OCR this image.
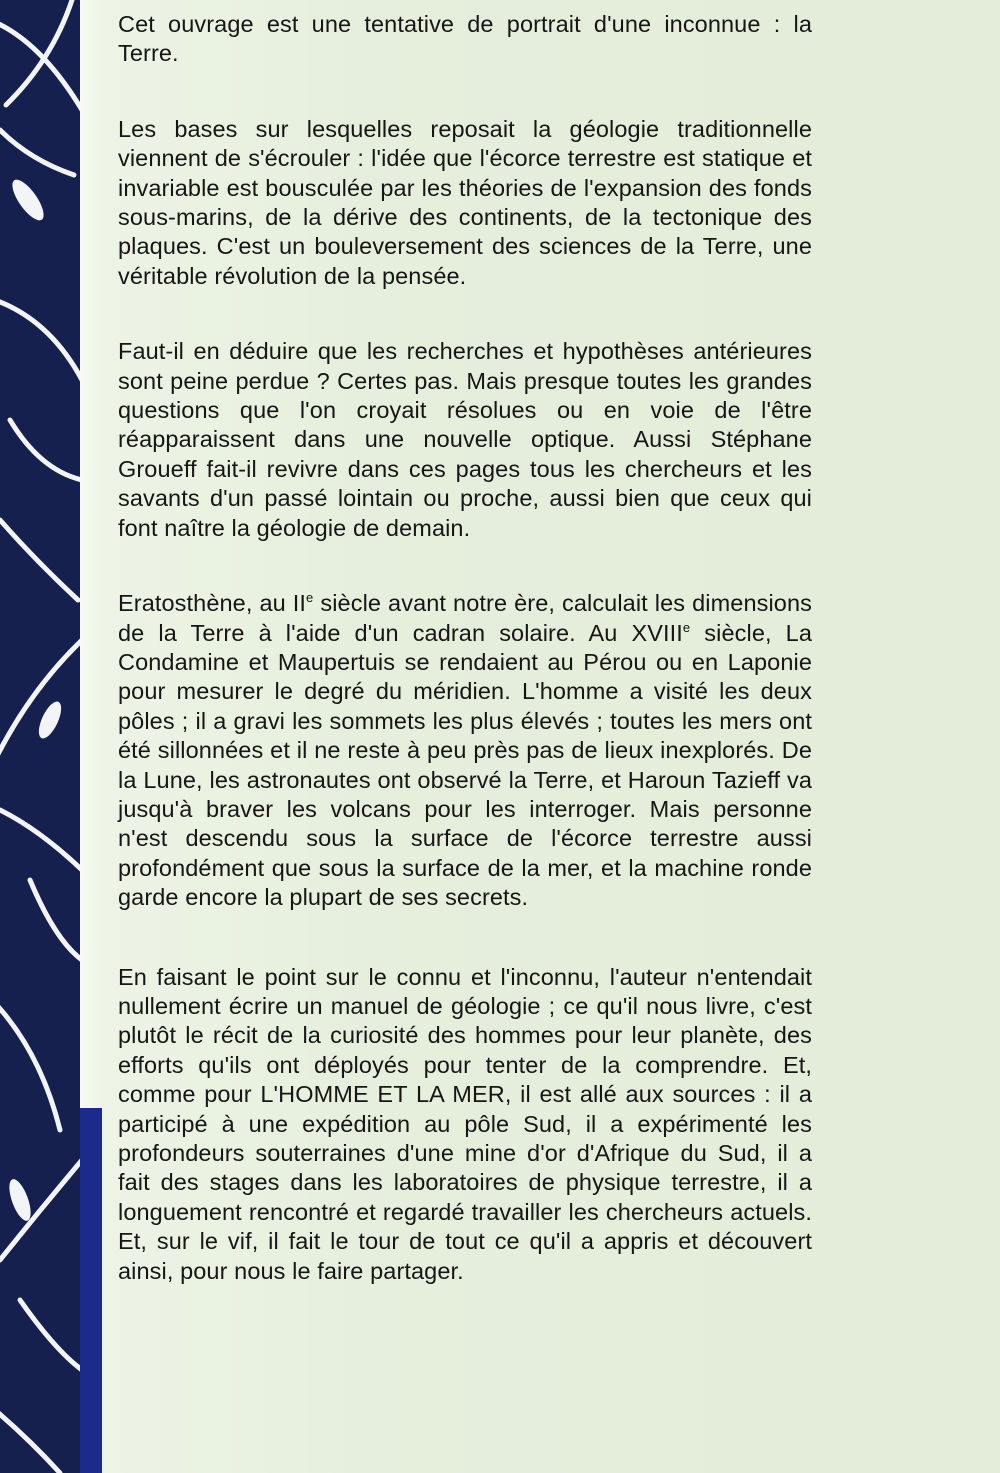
Cet ouvrage est une tentative de portrait d'une inconnue : la Terre.

Les bases sur lesquelles reposait la géologie traditionnelle viennent de s'écrouler : l'idée que l'écorce terrestre est statique et invariable est bousculée par les théories de l'expansion des fonds sous-marins, de la dérive des continents, de la tectonique des plaques. C'est un bouleversement des sciences de la Terre, une véritable révolution de la pensée.

Faut-il en déduire que les recherches et hypothèses antérieures sont peine perdue ? Certes pas. Mais presque toutes les grandes questions que l'on croyait résolues ou en voie de l'être réapparaissent dans une nouvelle optique. Aussi Stéphane Groueff fait-il revivre dans ces pages tous les chercheurs et les savants d'un passé lointain ou proche, aussi bien que ceux qui font naître la géologie de demain.

Eratosthène, au IIe siècle avant notre ère, calculait les dimensions de la Terre à l'aide d'un cadran solaire. Au XVIIIe siècle, La Condamine et Maupertuis se rendaient au Pérou ou en Laponie pour mesurer le degré du méridien. L'homme a visité les deux pôles ; il a gravi les sommets les plus élevés ; toutes les mers ont été sillonnées et il ne reste à peu près pas de lieux inexplorés. De la Lune, les astronautes ont observé la Terre, et Haroun Tazieff va jusqu'à braver les volcans pour les interroger. Mais personne n'est descendu sous la surface de l'écorce terrestre aussi profondément que sous la surface de la mer, et la machine ronde garde encore la plupart de ses secrets.

En faisant le point sur le connu et l'inconnu, l'auteur n'entendait nullement écrire un manuel de géologie ; ce qu'il nous livre, c'est plutôt le récit de la curiosité des hommes pour leur planète, des efforts qu'ils ont déployés pour tenter de la comprendre. Et, comme pour L'HOMME ET LA MER, il est allé aux sources : il a participé à une expédition au pôle Sud, il a expérimenté les profondeurs souterraines d'une mine d'or d'Afrique du Sud, il a fait des stages dans les laboratoires de physique terrestre, il a longuement rencontré et regardé travailler les chercheurs actuels. Et, sur le vif, il fait le tour de tout ce qu'il a appris et découvert ainsi, pour nous le faire partager.
